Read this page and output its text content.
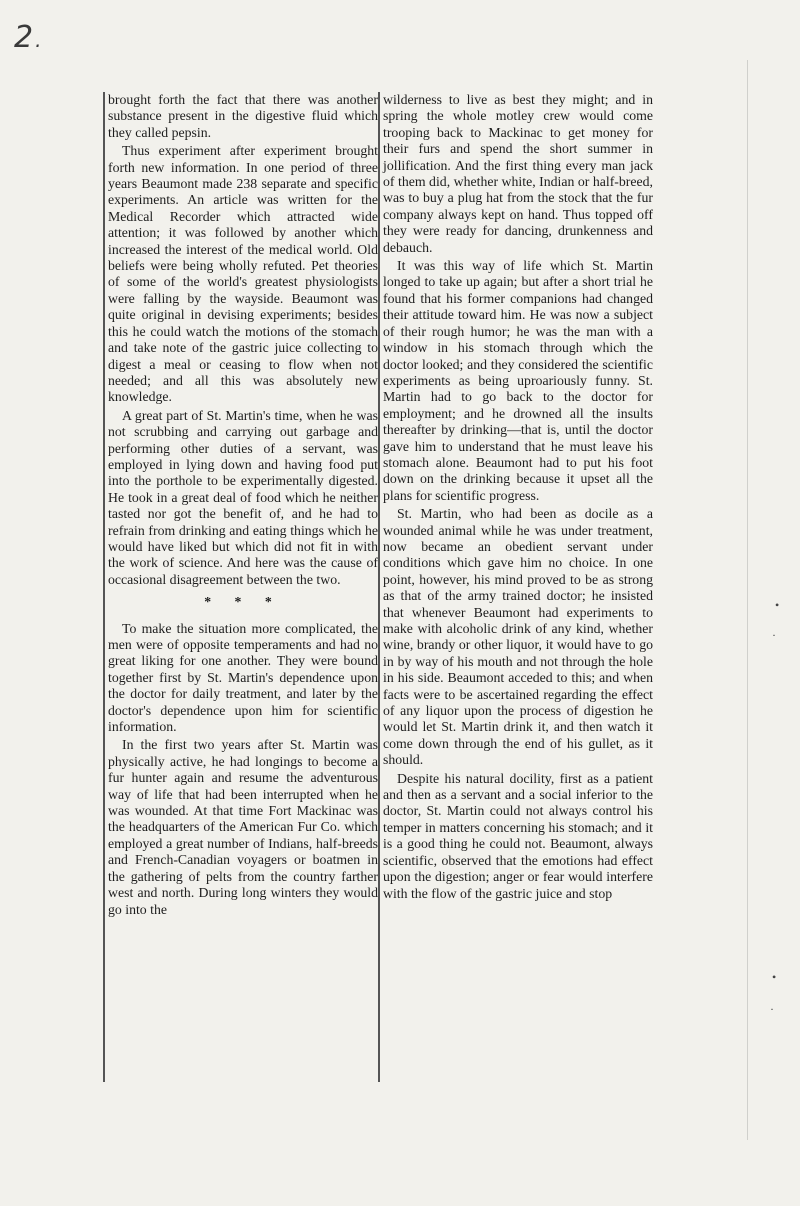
2 .

brought forth the fact that there was another substance present in the digestive fluid which they called pepsin.

Thus experiment after experiment brought forth new information. In one period of three years Beaumont made 238 separate and specific experiments. An article was written for the Medical Recorder which attracted wide attention; it was followed by another which increased the interest of the medical world. Old beliefs were being wholly refuted. Pet theories of some of the world's greatest physiologists were falling by the wayside. Beaumont was quite original in devising experiments; besides this he could watch the motions of the stomach and take note of the gastric juice collecting to digest a meal or ceasing to flow when not needed; and all this was absolutely new knowledge.

A great part of St. Martin's time, when he was not scrubbing and carrying out garbage and performing other duties of a servant, was employed in lying down and having food put into the porthole to be experimentally digested. He took in a great deal of food which he neither tasted nor got the benefit of, and he had to refrain from drinking and eating things which he would have liked but which did not fit in with the work of science. And here was the cause of occasional disagreement between the two.

* * *

To make the situation more complicated, the men were of opposite temperaments and had no great liking for one another. They were bound together first by St. Martin's dependence upon the doctor for daily treatment, and later by the doctor's dependence upon him for scientific information.

In the first two years after St. Martin was physically active, he had longings to become a fur hunter again and resume the adventurous way of life that had been interrupted when he was wounded. At that time Fort Mackinac was the headquarters of the American Fur Co. which employed a great number of Indians, half-breeds and French-Canadian voyagers or boatmen in the gathering of pelts from the country farther west and north. During long winters they would go into the

wilderness to live as best they might; and in spring the whole motley crew would come trooping back to Mackinac to get money for their furs and spend the short summer in jollification. And the first thing every man jack of them did, whether white, Indian or half-breed, was to buy a plug hat from the stock that the fur company always kept on hand. Thus topped off they were ready for dancing, drunkenness and debauch.

It was this way of life which St. Martin longed to take up again; but after a short trial he found that his former companions had changed their attitude toward him. He was now a subject of their rough humor; he was the man with a window in his stomach through which the doctor looked; and they considered the scientific experiments as being uproariously funny. St. Martin had to go back to the doctor for employment; and he drowned all the insults thereafter by drinking—that is, until the doctor gave him to understand that he must leave his stomach alone. Beaumont had to put his foot down on the drinking because it upset all the plans for scientific progress.

St. Martin, who had been as docile as a wounded animal while he was under treatment, now became an obedient servant under conditions which gave him no choice. In one point, however, his mind proved to be as strong as that of the army trained doctor; he insisted that whenever Beaumont had experiments to make with alcoholic drink of any kind, whether wine, brandy or other liquor, it would have to go in by way of his mouth and not through the hole in his side. Beaumont acceded to this; and when facts were to be ascertained regarding the effect of any liquor upon the process of digestion he would let St. Martin drink it, and then watch it come down through the end of his gullet, as it should.

Despite his natural docility, first as a patient and then as a servant and a social inferior to the doctor, St. Martin could not always control his temper in matters concerning his stomach; and it is a good thing he could not. Beaumont, always scientific, observed that the emotions had effect upon the digestion; anger or fear would interfere with the flow of the gastric juice and stop

•
·
•
·
